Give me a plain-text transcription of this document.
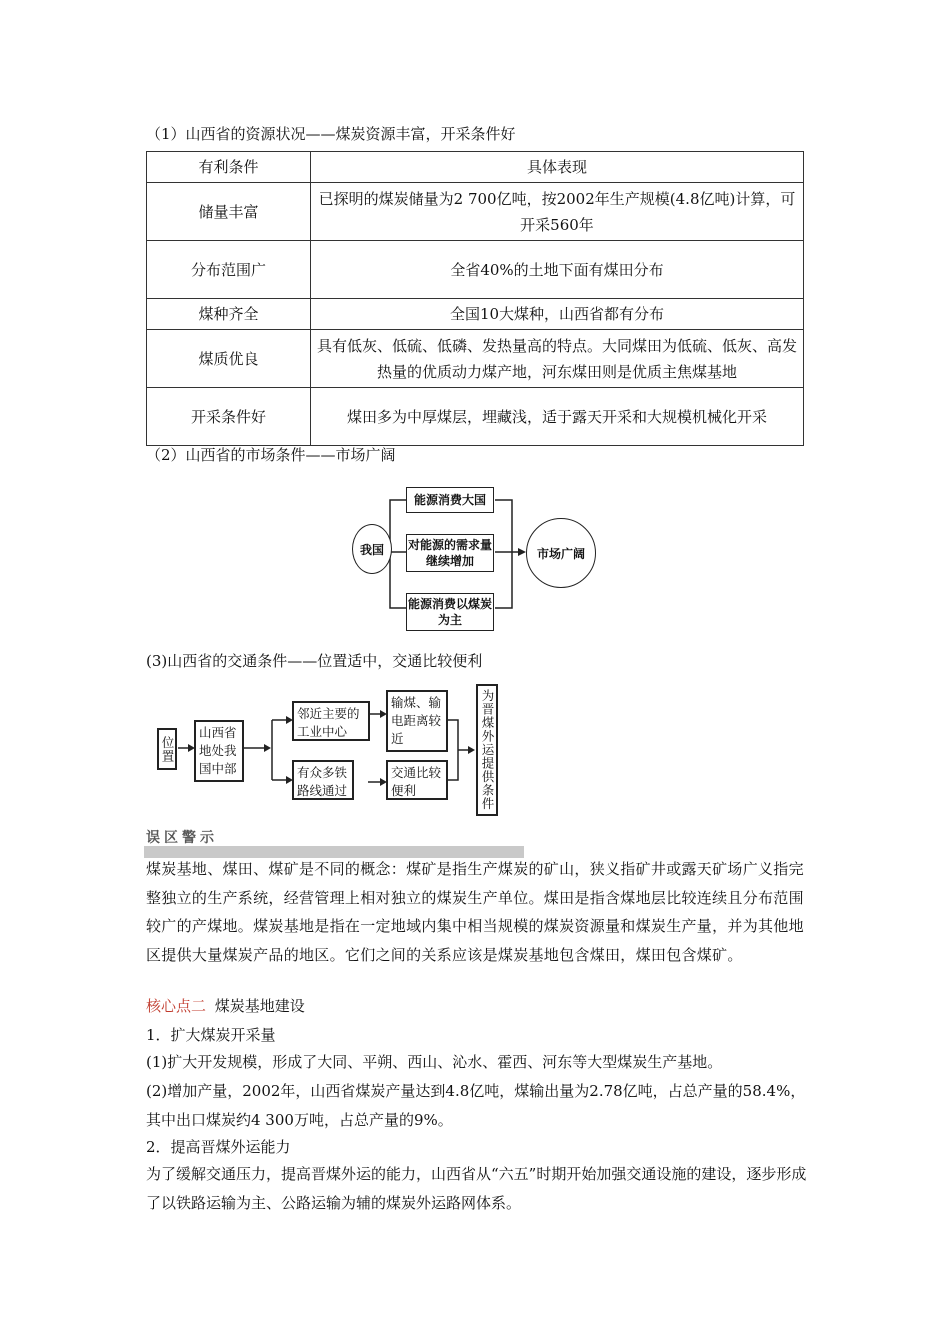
（1）山西省的资源状况——煤炭资源丰富，开采条件好
有利条件	具体表现
储量丰富	已探明的煤炭储量为2 700亿吨，按2002年生产规模(4.8亿吨)计算，可开采560年
分布范围广	全省40%的土地下面有煤田分布
煤种齐全	全国10大煤种，山西省都有分布
煤质优良	具有低灰、低硫、低磷、发热量高的特点。大同煤田为低硫、低灰、高发热量的优质动力煤产地，河东煤田则是优质主焦煤基地
开采条件好	煤田多为中厚煤层，埋藏浅，适于露天开采和大规模机械化开采
（2）山西省的市场条件——市场广阔
我国
能源消费大国
对能源的需求量继续增加
能源消费以煤炭为主
市场广阔
(3)山西省的交通条件——位置适中，交通比较便利
位置
山西省地处我国中部
邻近主要的工业中心
输煤、输电距离较近
有众多铁路线通过
交通比较便利	为晋煤外运提供条件
误区警示
煤炭基地、煤田、煤矿是不同的概念：煤矿是指生产煤炭的矿山，狭义指矿井或露天矿场广义指完整独立的生产系统，经营管理上相对独立的煤炭生产单位。煤田是指含煤地层比较连续且分布范围较广的产煤地。煤炭基地是指在一定地域内集中相当规模的煤炭资源量和煤炭生产量，并为其他地区提供大量煤炭产品的地区。它们之间的关系应该是煤炭基地包含煤田，煤田包含煤矿。
核心点二 煤炭基地建设
1．扩大煤炭开采量
(1)扩大开发规模，形成了大同、平朔、西山、沁水、霍西、河东等大型煤炭生产基地。
(2)增加产量，2002年，山西省煤炭产量达到4.8亿吨，煤输出量为2.78亿吨，占总产量的58.4%，其中出口煤炭约4 300万吨，占总产量的9%。
2．提高晋煤外运能力
为了缓解交通压力，提高晋煤外运的能力，山西省从“六五”时期开始加强交通设施的建设，逐步形成了以铁路运输为主、公路运输为辅的煤炭外运路网体系。
